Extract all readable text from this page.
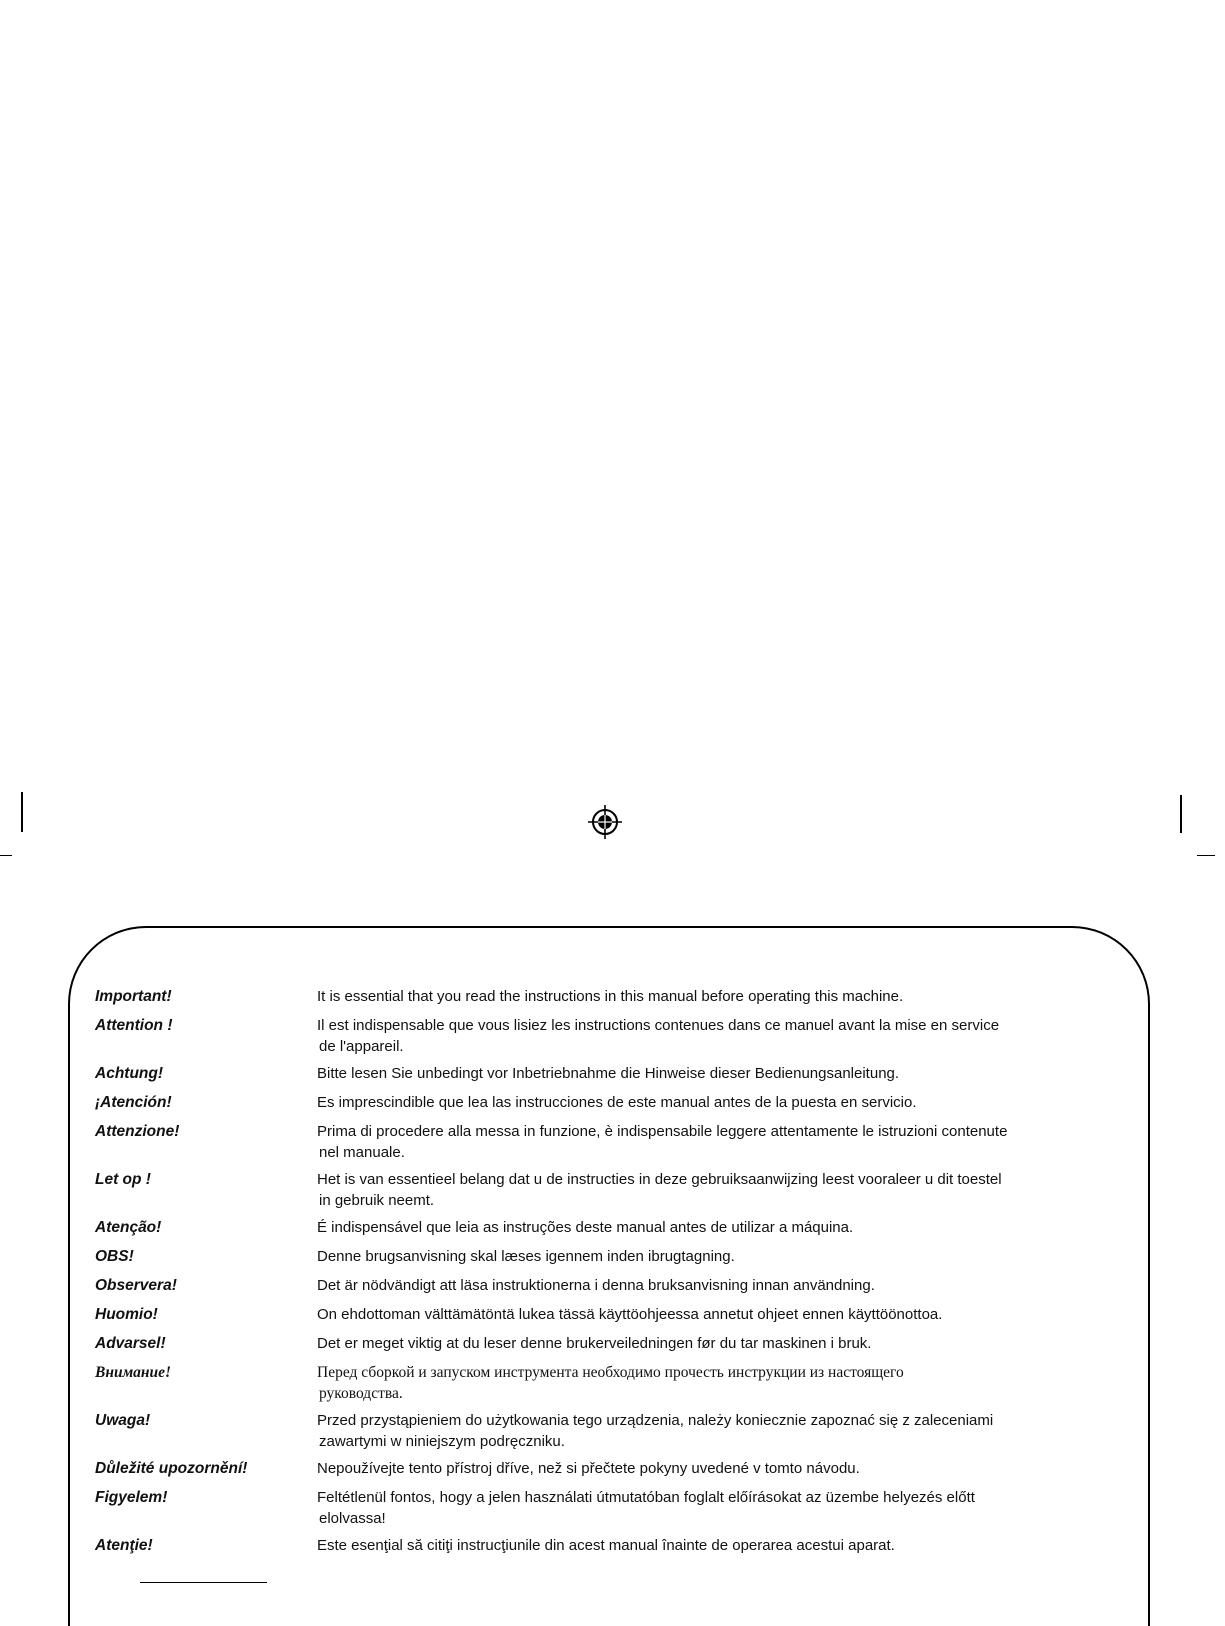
Important!	It is essential that you read the instructions in this manual before operating this machine.
Attention !	Il est indispensable que vous lisiez les instructions contenues dans ce manuel avant la mise en service
de l'appareil.
Achtung!	Bitte lesen Sie unbedingt vor Inbetriebnahme die Hinweise dieser Bedienungsanleitung.
¡Atención!	Es imprescindible que lea las instrucciones de este manual antes de la puesta en servicio.
Attenzione!	Prima di procedere alla messa in funzione, è indispensabile leggere attentamente le istruzioni contenute
nel manuale.
Let op !	Het is van essentieel belang dat u de instructies in deze gebruiksaanwijzing leest vooraleer u dit toestel
in gebruik neemt.
Atenção!	É indispensável que leia as instruções deste manual antes de utilizar a máquina.
OBS!	Denne brugsanvisning skal læses igennem inden ibrugtagning.
Observera!	Det är nödvändigt att läsa instruktionerna i denna bruksanvisning innan användning.
Huomio!	On ehdottoman välttämätöntä lukea tässä käyttöohjeessa annetut ohjeet ennen käyttöönottoa.
Advarsel!	Det er meget viktig at du leser denne brukerveiledningen før du tar maskinen i bruk.
Внимание!	Перед сборкой и запуском инструмента необходимо прочесть инструкции из настоящего
руководства.
Uwaga!	Przed przystąpieniem do użytkowania tego urządzenia, należy koniecznie zapoznać się z zaleceniami
zawartymi w niniejszym podręczniku.
Důležité upozornění!	Nepoužívejte tento přístroj dříve, než si přečtete pokyny uvedené v tomto návodu.
Figyelem!	Feltétlenül fontos, hogy a jelen használati útmutatóban foglalt előírásokat az üzembe helyezés előtt
elolvassa!
Atenţie!	Este esenţial să citiţi instrucţiunile din acest manual înainte de operarea acestui aparat.
